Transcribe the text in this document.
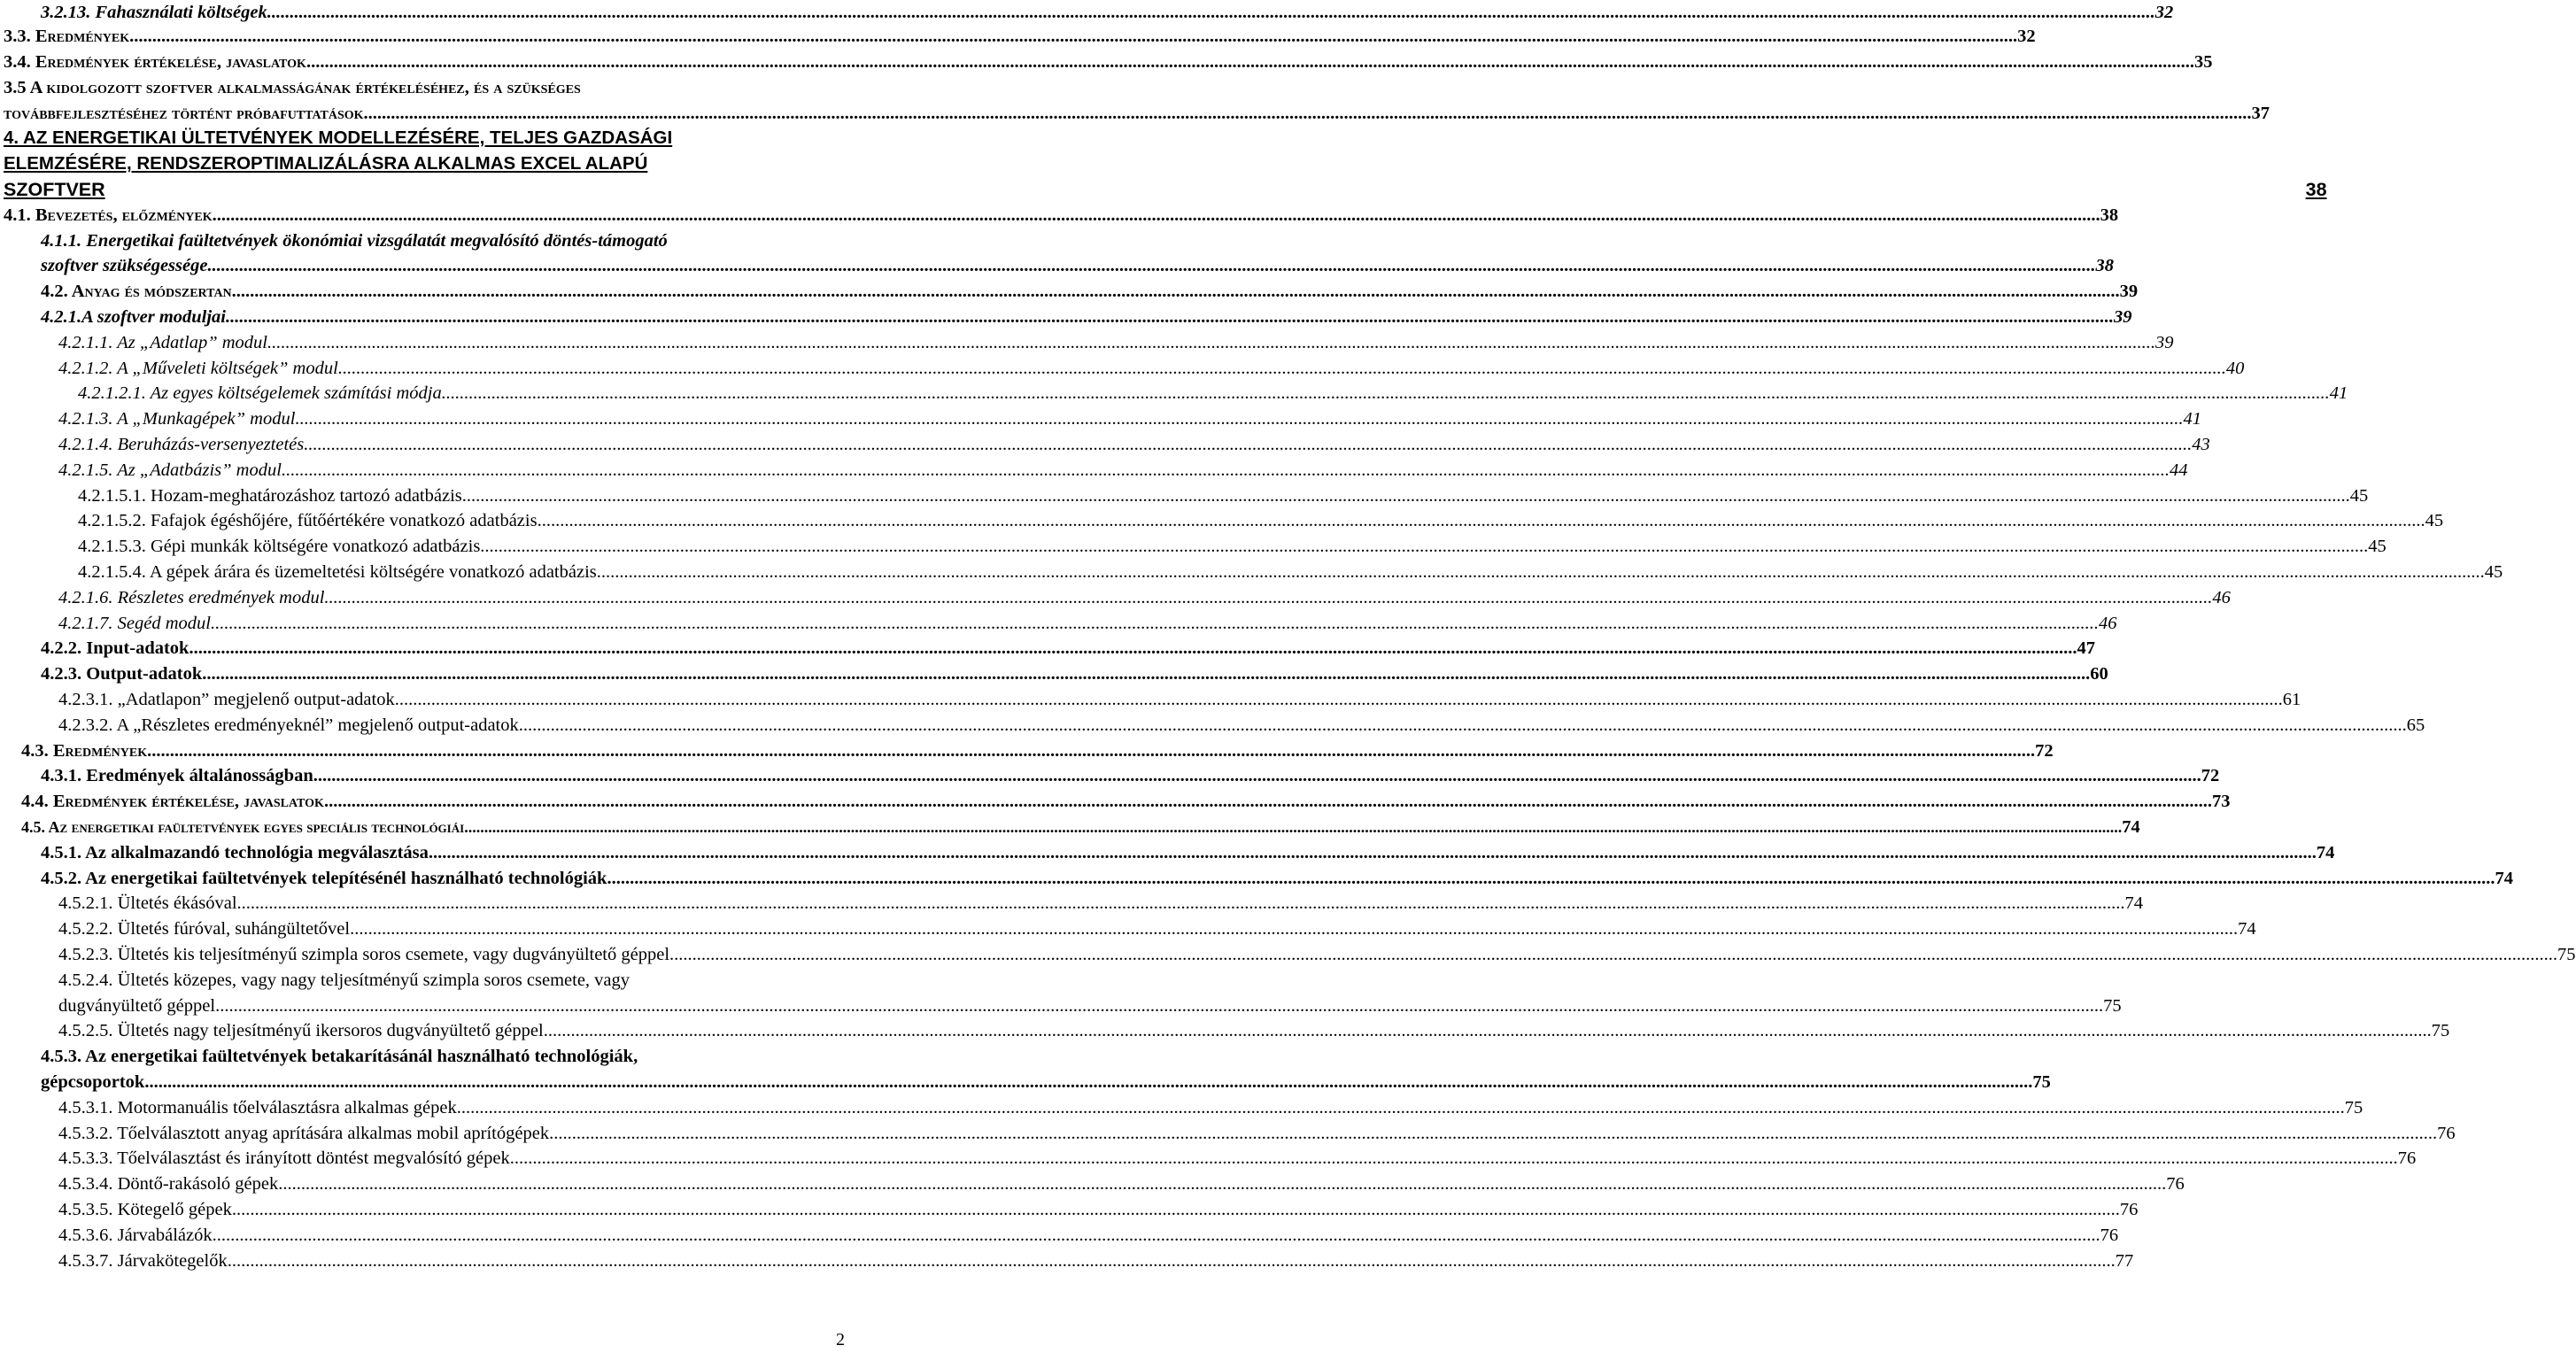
3.2.13. Fahasználati költségek .....	32
3.3. Eredmények .....	32
3.4. Eredmények értékelése, javaslatok .....	35
3.5 A kidolgozott szoftver alkalmasságának értékeléséhez, és a szükséges
továbbfejlesztéséhez történt próbafuttatások .....	37
4. AZ ENERGETIKAI ÜLTETVÉNYEK MODELLEZÉSÉRE, TELJES GAZDASÁGI
ELEMZÉSÉRE, RENDSZEROPTIMALIZÁLÁSRA ALKALMAS EXCEL ALAPÚ
SZOFTVER	38
4.1. Bevezetés, előzmények .....	38
4.1.1. Energetikai faültetvények ökonómiai vizsgálatát megvalósító döntés-támogató
szoftver szükségessége .....	38
4.2. Anyag és módszertan .....	39
4.2.1.A szoftver moduljai .....	39
4.2.1.1. Az „Adatlap” modul .....	39
4.2.1.2. A „Műveleti költségek” modul .....	40
4.2.1.2.1. Az egyes költségelemek számítási módja .....	41
4.2.1.3. A „Munkagépek” modul .....	41
4.2.1.4. Beruházás-versenyeztetés .....	43
4.2.1.5. Az „Adatbázis” modul .....	44
4.2.1.5.1. Hozam-meghatározáshoz tartozó adatbázis .....	45
4.2.1.5.2. Fafajok égéshőjére, fűtőértékére vonatkozó adatbázis .....	45
4.2.1.5.3. Gépi munkák költségére vonatkozó adatbázis .....	45
4.2.1.5.4. A gépek árára és üzemeltetési költségére vonatkozó adatbázis .....	45
4.2.1.6. Részletes eredmények modul .....	46
4.2.1.7. Segéd modul .....	46
4.2.2. Input-adatok .....	47
4.2.3. Output-adatok .....	60
4.2.3.1. „Adatlapon” megjelenő output-adatok .....	61
4.2.3.2. A „Részletes eredményeknél” megjelenő output-adatok .....	65
4.3. Eredmények .....	72
4.3.1. Eredmények általánosságban .....	72
4.4. Eredmények értékelése, javaslatok .....	73
4.5. Az energetikai faültetvények egyes speciális technológiái .....	74
4.5.1. Az alkalmazandó technológia megválasztása .....	74
4.5.2. Az energetikai faültetvények telepítésénél használható technológiák .....	74
4.5.2.1. Ültetés ékásóval .....	74
4.5.2.2. Ültetés fúróval, suhángültetővel .....	74
4.5.2.3. Ültetés kis teljesítményű szimpla soros csemete, vagy dugványültető géppel .....	75
4.5.2.4. Ültetés közepes, vagy nagy teljesítményű szimpla soros csemete, vagy
dugványültető géppel .....	75
4.5.2.5. Ültetés nagy teljesítményű ikersoros dugványültető géppel .....	75
4.5.3. Az energetikai faültetvények betakarításánál használható technológiák,
gépcsoportok .....	75
4.5.3.1. Motormanuális tőelválasztásra alkalmas gépek .....	75
4.5.3.2. Tőelválasztott anyag aprítására alkalmas mobil aprítógépek .....	76
4.5.3.3. Tőelválasztást és irányított döntést megvalósító gépek .....	76
4.5.3.4. Döntő-rakásoló gépek .....	76
4.5.3.5. Kötegelő gépek .....	76
4.5.3.6. Járvabálázók .....	76
4.5.3.7. Járvakötegelők .....	77
2
